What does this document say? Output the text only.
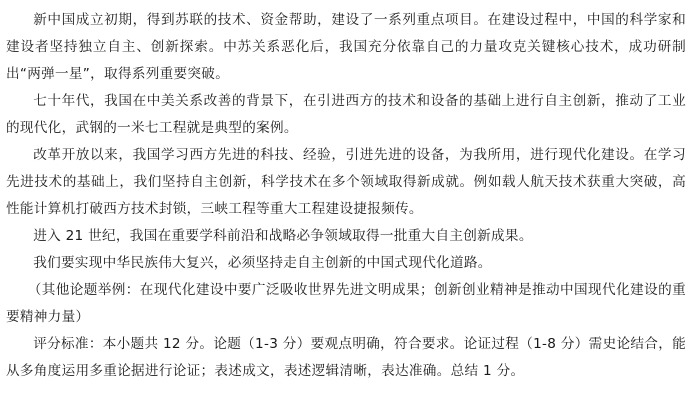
新中国成立初期，得到苏联的技术、资金帮助，建设了一系列重点项目。在建设过程中，中国的科学家和建设者坚持独立自主、创新探索。中苏关系恶化后，我国充分依靠自己的力量攻克关键核心技术，成功研制出“两弹一星”，取得系列重要突破。

七十年代，我国在中美关系改善的背景下，在引进西方的技术和设备的基础上进行自主创新，推动了工业的现代化，武钢的一米七工程就是典型的案例。

改革开放以来，我国学习西方先进的科技、经验，引进先进的设备，为我所用，进行现代化建设。在学习先进技术的基础上，我们坚持自主创新，科学技术在多个领域取得新成就。例如载人航天技术获重大突破，高性能计算机打破西方技术封锁，三峡工程等重大工程建设捷报频传。

进入 21 世纪，我国在重要学科前沿和战略必争领域取得一批重大自主创新成果。

我们要实现中华民族伟大复兴，必须坚持走自主创新的中国式现代化道路。

（其他论题举例：在现代化建设中要广泛吸收世界先进文明成果；创新创业精神是推动中国现代化建设的重要精神力量）

评分标准：本小题共 12 分。论题（1-3 分）要观点明确，符合要求。论证过程（1-8 分）需史论结合，能从多角度运用多重论据进行论证；表述成文，表述逻辑清晰，表达准确。总结 1 分。
